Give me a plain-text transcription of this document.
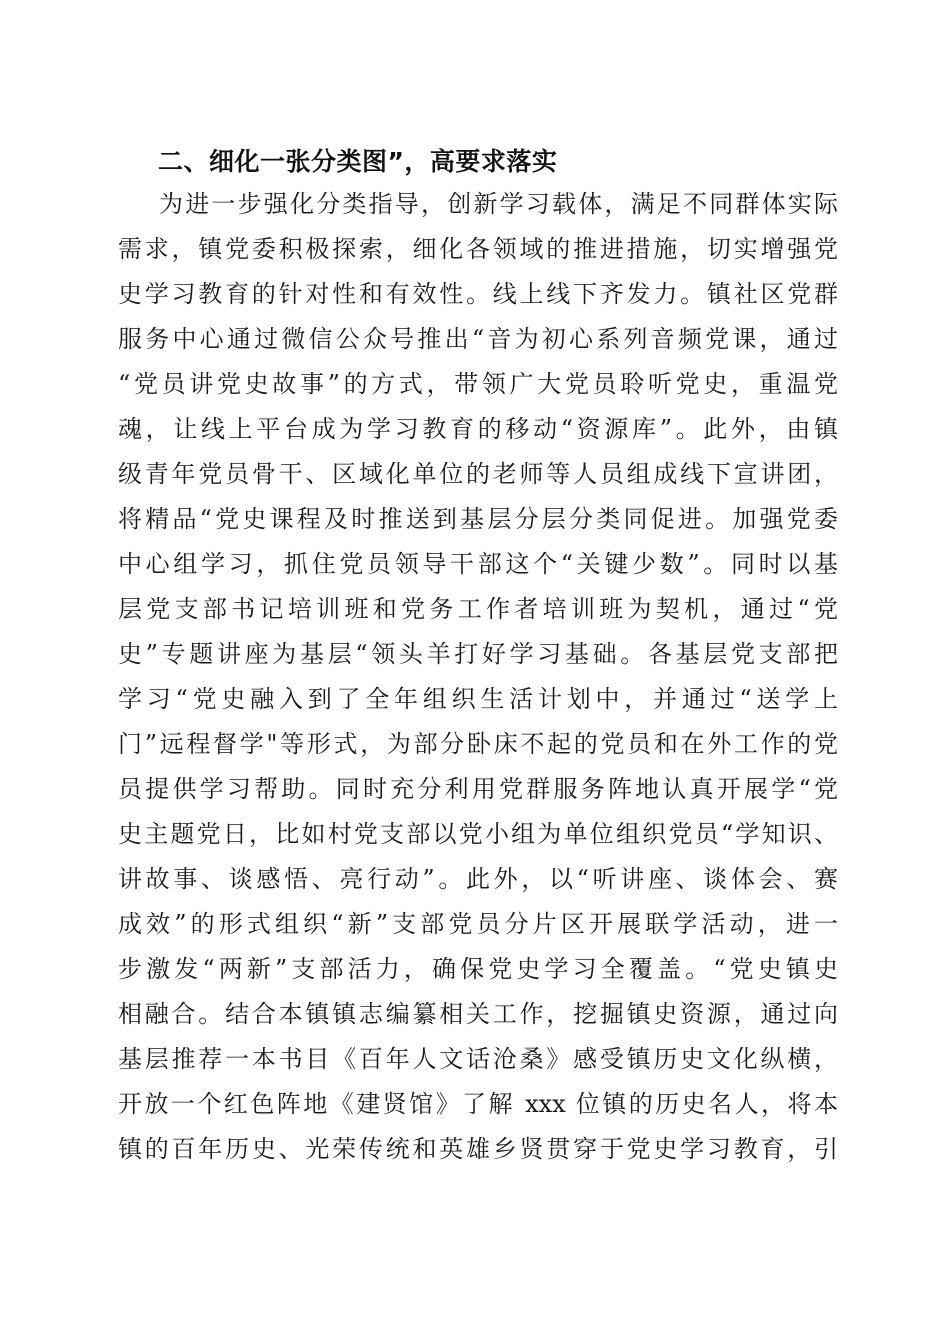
二、细化一张分类图”，高要求落实
为进一步强化分类指导，创新学习载体，满足不同群体实际
需求，镇党委积极探索，细化各领域的推进措施，切实增强党
史学习教育的针对性和有效性。线上线下齐发力。镇社区党群
服务中心通过微信公众号推出“音为初心系列音频党课，通过
“党员讲党史故事”的方式，带领广大党员聆听党史，重温党
魂，让线上平台成为学习教育的移动“资源库”。此外，由镇
级青年党员骨干、区域化单位的老师等人员组成线下宣讲团，
将精品“党史课程及时推送到基层分层分类同促进。加强党委
中心组学习，抓住党员领导干部这个“关键少数”。同时以基
层党支部书记培训班和党务工作者培训班为契机，通过“党
史”专题讲座为基层“领头羊打好学习基础。各基层党支部把
学习“党史融入到了全年组织生活计划中，并通过“送学上
门”远程督学"等形式，为部分卧床不起的党员和在外工作的党
员提供学习帮助。同时充分利用党群服务阵地认真开展学“党
史主题党日，比如村党支部以党小组为单位组织党员“学知识、
讲故事、谈感悟、亮行动”。此外，以“听讲座、谈体会、赛
成效”的形式组织“新”支部党员分片区开展联学活动，进一
步激发“两新”支部活力，确保党史学习全覆盖。“党史镇史
相融合。结合本镇镇志编纂相关工作，挖掘镇史资源，通过向
基层推荐一本书目《百年人文话沧桑》感受镇历史文化纵横，
开放一个红色阵地《建贤馆》了解 xxx 位镇的历史名人，将本
镇的百年历史、光荣传统和英雄乡贤贯穿于党史学习教育，引
